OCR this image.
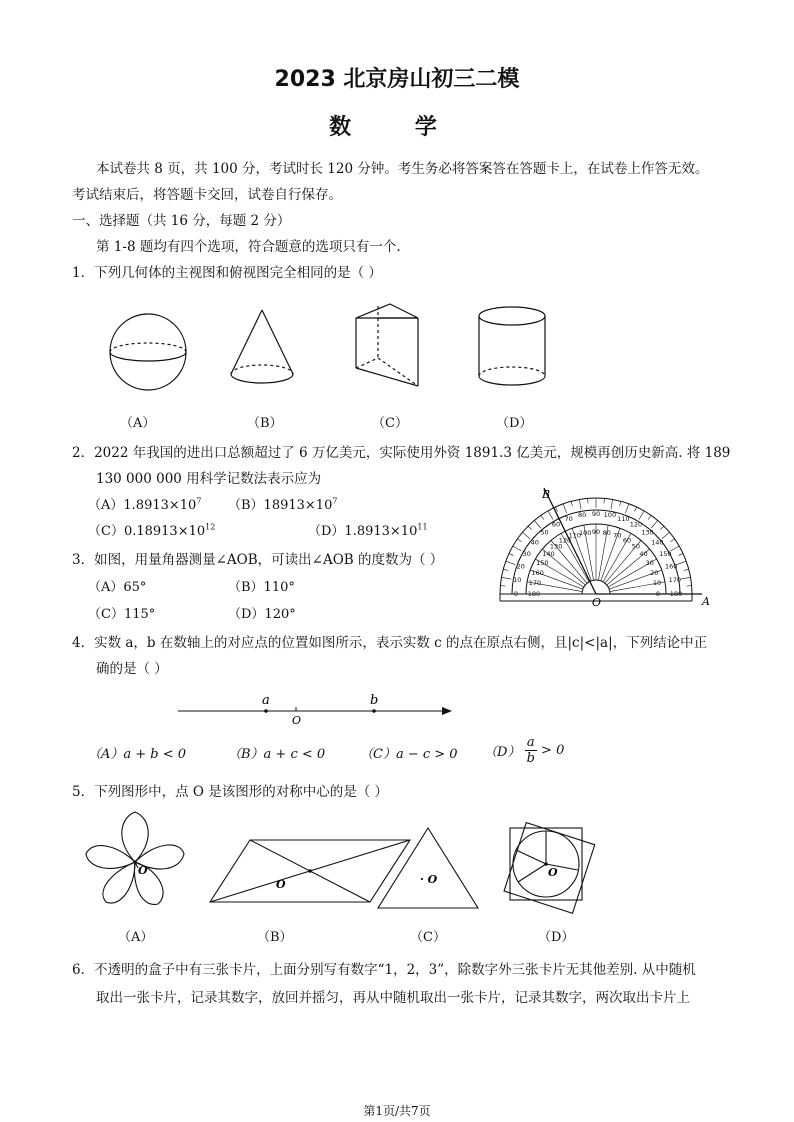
2023 北京房山初三二模
数 学
本试卷共 8 页，共 100 分，考试时长 120 分钟。考生务必将答案答在答题卡上，在试卷上作答无效。
考试结束后，将答题卡交回，试卷自行保存。
一、选择题（共 16 分，每题 2 分）
第 1-8 题均有四个选项，符合题意的选项只有一个.
1．下列几何体的主视图和俯视图完全相同的是（ ）
（A）	（B）	（C）	（D）
2．2022 年我国的进出口总额超过了 6 万亿美元，实际使用外资 1891.3 亿美元，规模再创历史新高. 将 189
130 000 000 用科学记数法表示应为
$(A)1.8913\times 10^7$ $(B)18913\times 10^7$
$(C)0.18913\times 10^{12}$	$(D)1.8913\times 10^{11}$
3．如图，用量角器测量∠AOB，可读出∠AOB 的度数为（ ）
（A）65°	（B）110°
（C）115°	（D）120°
0
10
20
30
40
50
60
70 80 90 100 110
120
130
140
150
160
170
180
180
170
160
150
140
130
120
110
100 90 80 70
60
50
40
30
20
10
0
B
O	A
4．实数 a，b 在数轴上的对应点的位置如图所示，表示实数 c 的点在原点右侧，且|c|<|a|，下列结论中正
确的是（ ）
a
O
b
（A）a + b < 0	（B）a + c < 0	（C）a − c > 0 $(D) \frac{a}{b} > 0$
5．下列图形中，点 O 是该图形的对称中心的是（ ）
O
O	· O
O
（A）	（B）	（C）	（D）
6．不透明的盒子中有三张卡片，上面分别写有数字“1，2，3”，除数字外三张卡片无其他差别. 从中随机
取出一张卡片，记录其数字，放回并摇匀，再从中随机取出一张卡片，记录其数字，两次取出卡片上
第1页/共7页
